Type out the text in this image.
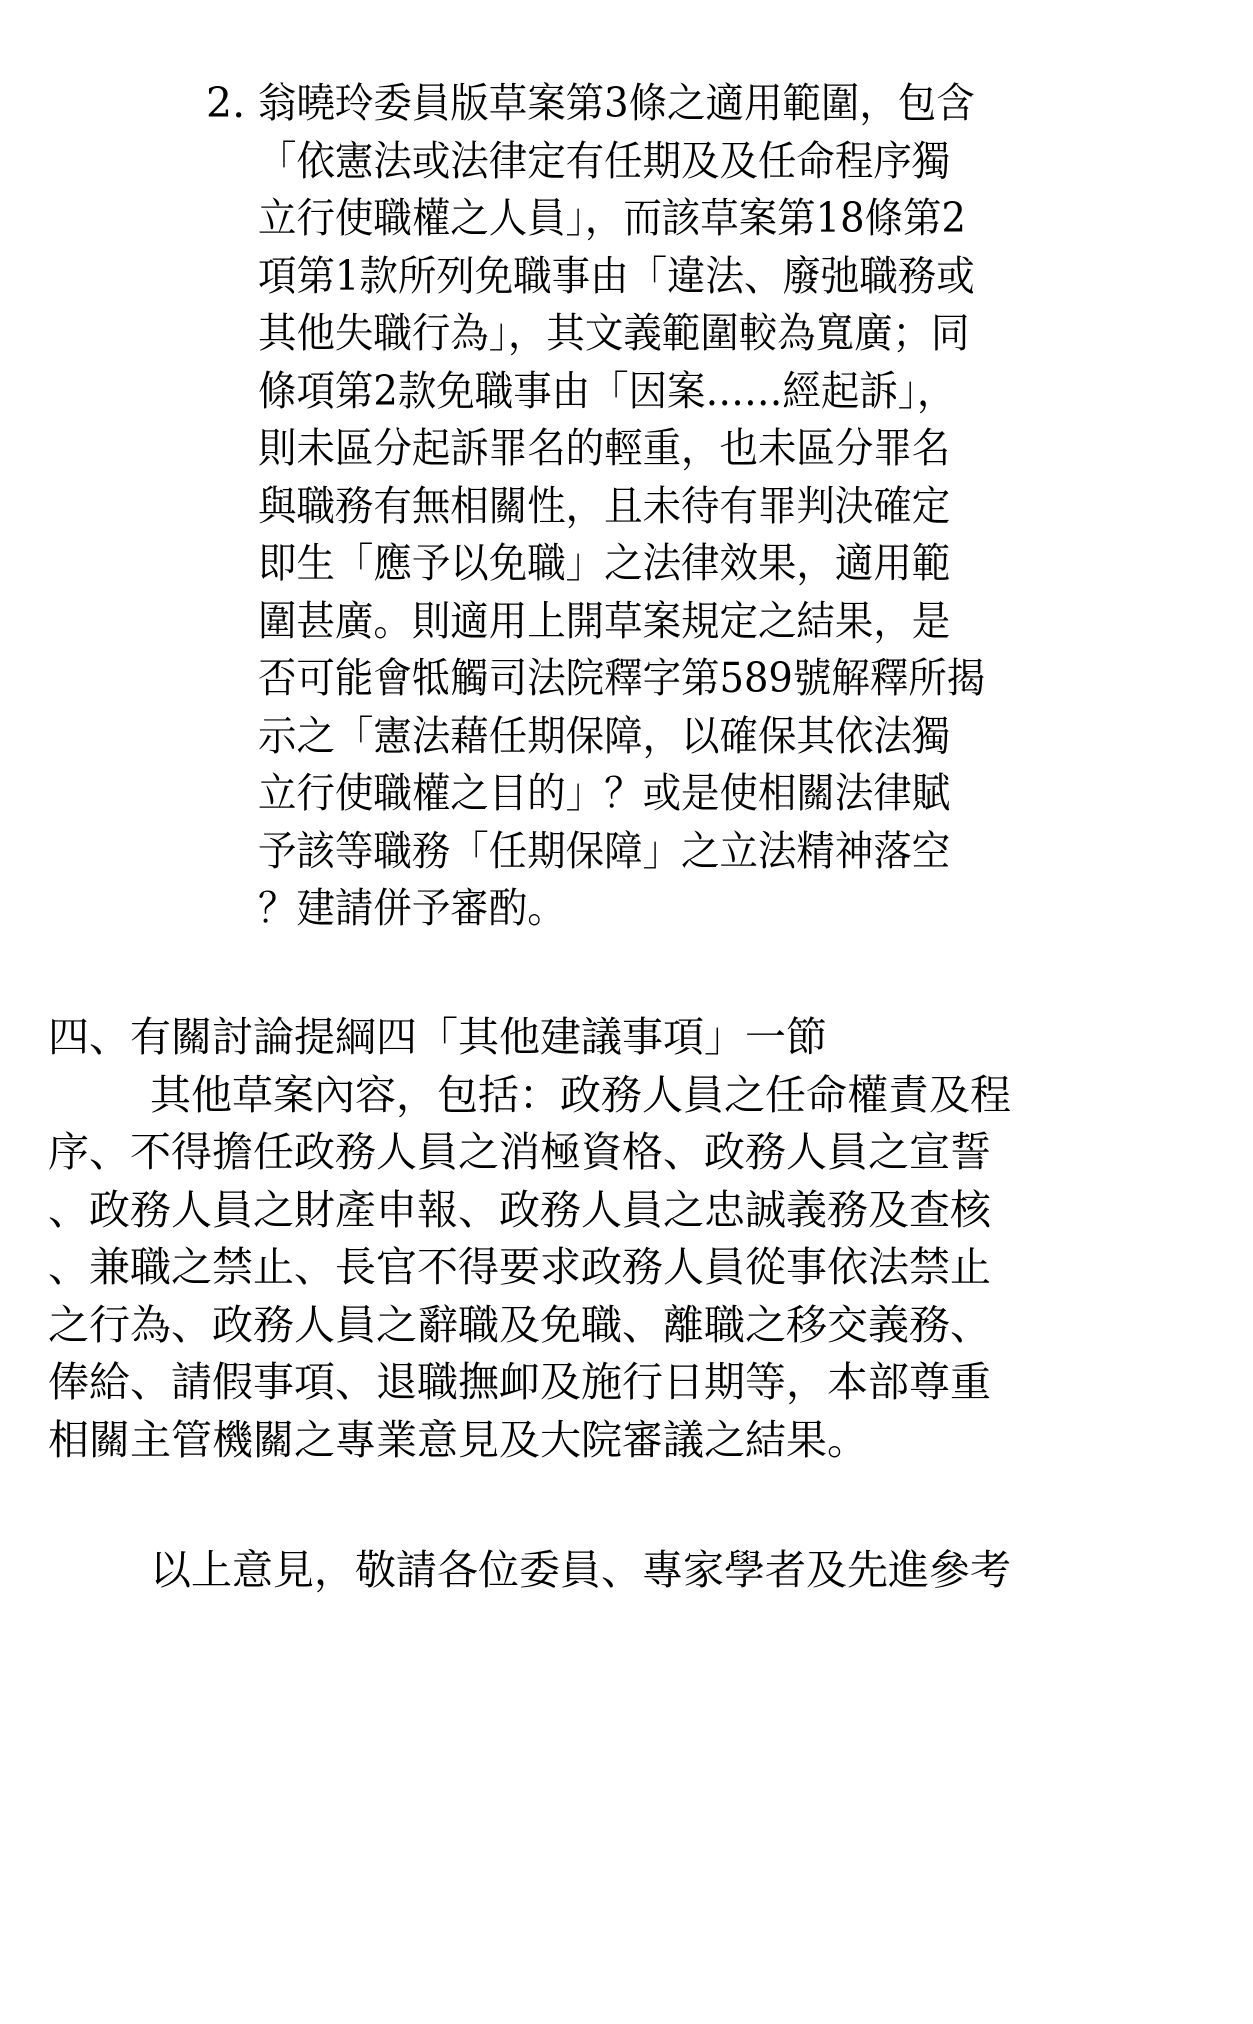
2. 翁曉玲委員版草案第3條之適用範圍，包含
「依憲法或法律定有任期及及任命程序獨
立行使職權之人員」，而該草案第18條第2
項第1款所列免職事由「違法、廢弛職務或
其他失職行為」，其文義範圍較為寬廣；同
條項第2款免職事由「因案……經起訴」，
則未區分起訴罪名的輕重，也未區分罪名
與職務有無相關性，且未待有罪判決確定
即生「應予以免職」之法律效果，適用範
圍甚廣。則適用上開草案規定之結果，是
否可能會牴觸司法院釋字第589號解釋所揭
示之「憲法藉任期保障，以確保其依法獨
立行使職權之目的」？或是使相關法律賦
予該等職務「任期保障」之立法精神落空
？建請併予審酌。
四、有關討論提綱四「其他建議事項」一節
其他草案內容，包括：政務人員之任命權責及程
序、不得擔任政務人員之消極資格、政務人員之宣誓
、政務人員之財產申報、政務人員之忠誠義務及查核
、兼職之禁止、長官不得要求政務人員從事依法禁止
之行為、政務人員之辭職及免職、離職之移交義務、
俸給、請假事項、退職撫卹及施行日期等，本部尊重
相關主管機關之專業意見及大院審議之結果。
以上意見，敬請各位委員、專家學者及先進參考
